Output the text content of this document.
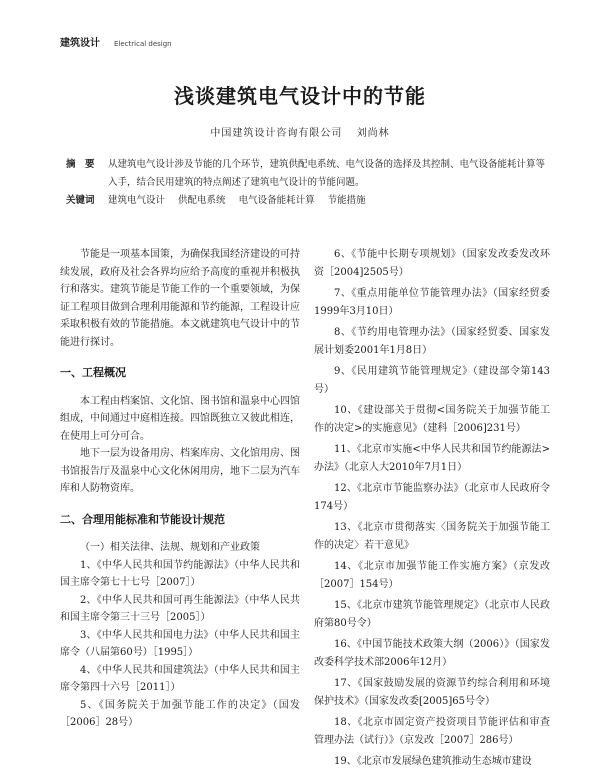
建筑设计 Electrical design
浅谈建筑电气设计中的节能
中国建筑设计咨询有限公司 刘尚林
摘　要	从建筑电气设计涉及节能的几个环节，建筑供配电系统、电气设备的选择及其控制、电气设备能耗计算等入手，结合民用建筑的特点阐述了建筑电气设计的节能问题。
关键词	建筑电气设计 供配电系统 电气设备能耗计算 节能措施

节能是一项基本国策，为确保我国经济建设的可持续发展，政府及社会各界均应给予高度的重视并积极执行和落实。建筑节能是节能工作的一个重要领域，为保证工程项目做到合理利用能源和节约能源，工程设计应采取积极有效的节能措施。本文就建筑电气设计中的节能进行探讨。

一、工程概况

本工程由档案馆、文化馆、图书馆和温泉中心四馆组成，中间通过中庭相连接。四馆既独立又彼此相连，在使用上可分可合。

地下一层为设备用房、档案库房、文化馆用房、图书馆报告厅及温泉中心文化休闲用房，地下二层为汽车库和人防物资库。

二、合理用能标准和节能设计规范

（一）相关法律、法规、规划和产业政策

1、《中华人民共和国节约能源法》（中华人民共和国主席令第七十七号［2007］）

2、《中华人民共和国可再生能源法》（中华人民共和国主席令第三十三号［2005］）

3、《中华人民共和国电力法》（中华人民共和国主席令（八届第60号）［1995］）

4、《中华人民共和国建筑法》（中华人民共和国主席令第四十六号［2011］）

5、《国务院关于加强节能工作的决定》（国发［2006］28号）

6、《节能中长期专项规划》（国家发改委发改环资［2004]2505号）

7、《重点用能单位节能管理办法》（国家经贸委1999年3月10日）

8、《节约用电管理办法》（国家经贸委、国家发展计划委2001年1月8日）

9、《民用建筑节能管理规定》（建设部令第143号）

10、《建设部关于贯彻<国务院关于加强节能工作的决定>的实施意见》（建科［2006]231号）

11、《北京市实施<中华人民共和国节约能源法>办法》（北京人大2010年7月1日）

12、《北京市节能监察办法》（北京市人民政府令174号）

13、《北京市贯彻落实〈国务院关于加强节能工作的决定〉若干意见》

14、《北京市加强节能工作实施方案》（京发改［2007］154号）

15、《北京市建筑节能管理规定》（北京市人民政府第80号令）

16、《中国节能技术政策大纲（2006）》（国家发改委科学技术部2006年12月）

17、《国家鼓励发展的资源节约综合利用和环境保护技术》（国家发改委[2005]65号令）

18、《北京市固定资产投资项目节能评估和审查管理办法（试行）》（京发改［2007］286号）

19、《北京市发展绿色建筑推动生态城市建设
